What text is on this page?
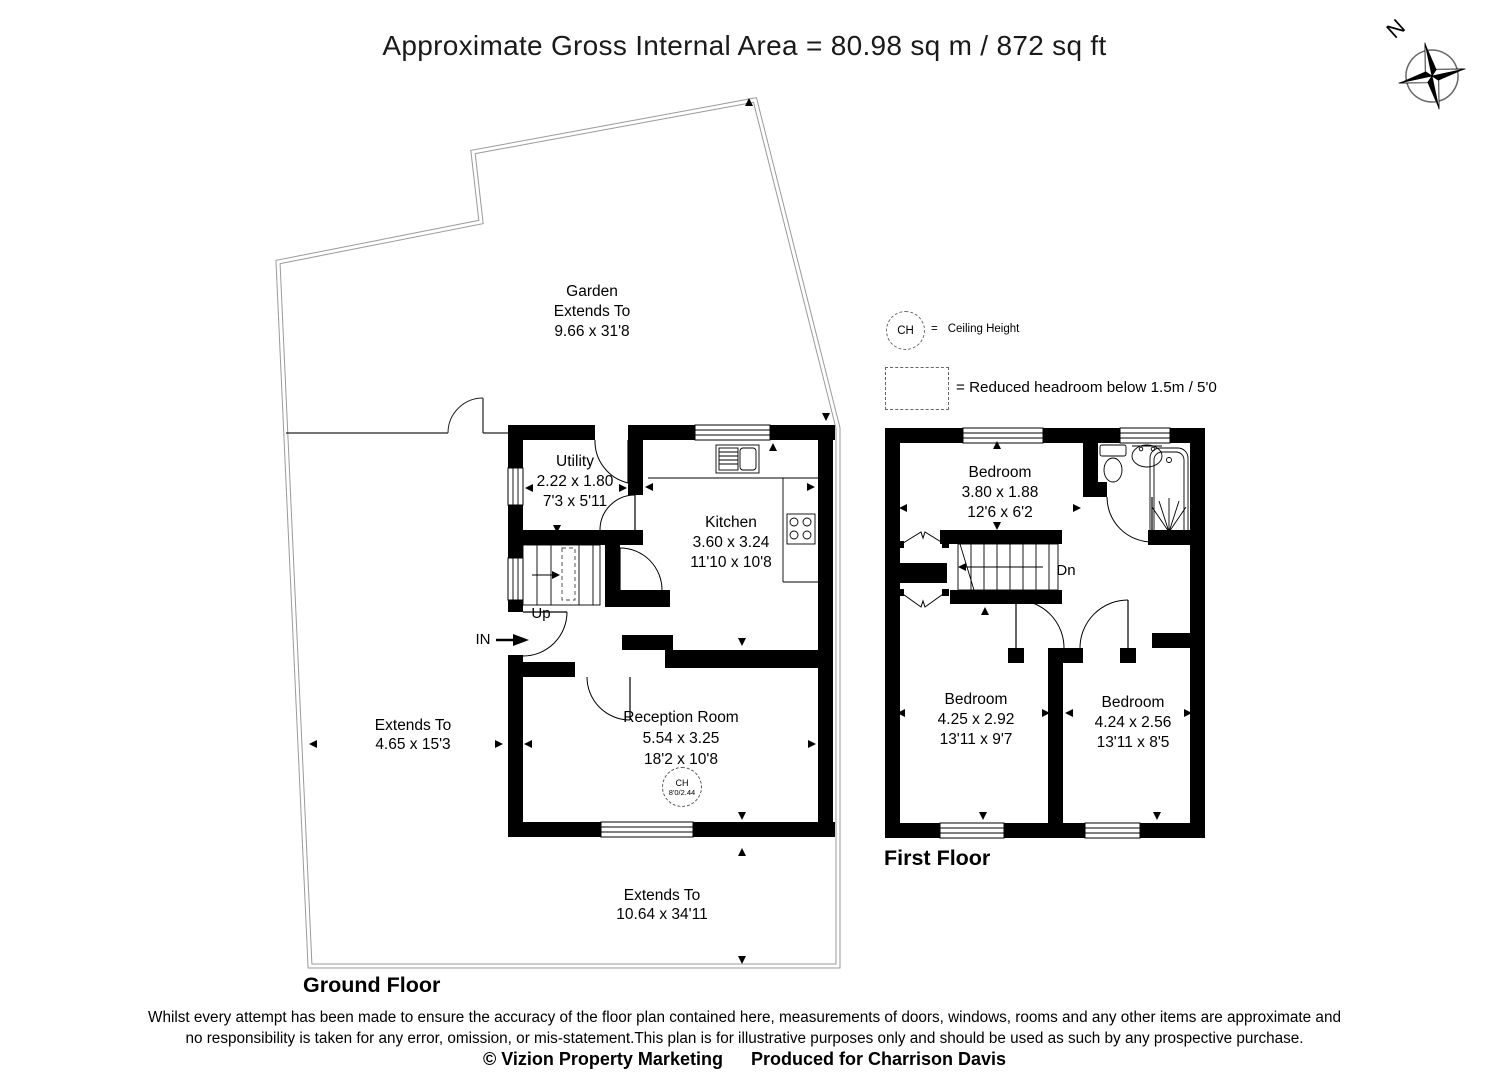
Approximate Gross Internal Area = 80.98 sq m / 872 sq ft
N
CH = Ceiling Height
= Reduced headroom below 1.5m / 5'0
Garden
Extends To
9.66 x 31'8
Utility
2.22 x 1.80
7'3 x 5'11
Kitchen
3.60 x 3.24
11'10 x 10'8
Reception Room
5.54 x 3.25
18'2 x 10'8
CH
8'0/2.44
Extends To
4.65 x 15'3
Extends To
10.64 x 34'11
Up
IN
Ground Floor
Bedroom
3.80 x 1.88
12'6 x 6'2
Bedroom
4.25 x 2.92
13'11 x 9'7
Bedroom
4.24 x 2.56
13'11 x 8'5
Dn
First Floor
Whilst every attempt has been made to ensure the accuracy of the floor plan contained here, measurements of doors, windows, rooms and any other items are approximate and
no responsibility is taken for any error, omission, or mis-statement.This plan is for illustrative purposes only and should be used as such by any prospective purchase.
© Vizion Property Marketing Produced for Charrison Davis
